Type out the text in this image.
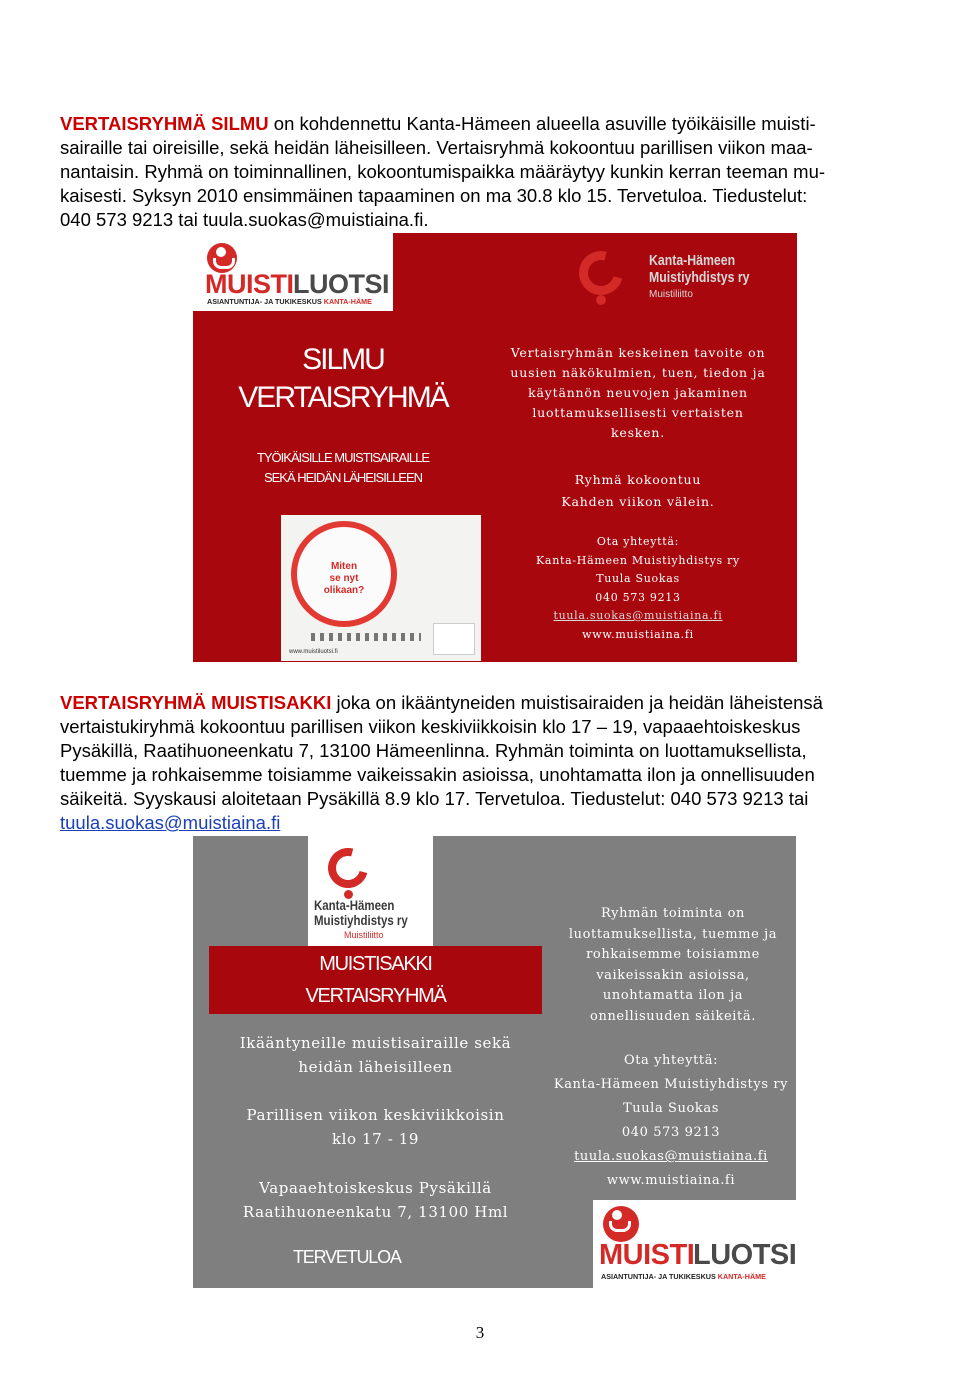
VERTAISRYHMÄ SILMU on kohdennettu Kanta-Hämeen alueella asuville työikäisille muisti-
sairaille tai oireisille, sekä heidän läheisilleen. Vertaisryhmä kokoontuu parillisen viikon maa-
nantaisin. Ryhmä on toiminnallinen, kokoontumispaikka määräytyy kunkin kerran teeman mu-
kaisesti. Syksyn 2010 ensimmäinen tapaaminen on ma 30.8 klo 15. Tervetuloa. Tiedustelut:
040 573 9213 tai tuula.suokas@muistiaina.fi.
MUISTI LUOTSI
ASIANTUNTIJA- JA TUKIKESKUS KANTA-HÄME
Kanta-Hämeen
Muistiyhdistys ry
Muistiliitto
SILMU
VERTAISRYHMÄ
TYÖIKÄISILLE MUISTISAIRAILLE
SEKÄ HEIDÄN LÄHEISILLEEN
Vertaisryhmän keskeinen tavoite on
uusien näkökulmien, tuen, tiedon ja
käytännön neuvojen jakaminen
luottamuksellisesti vertaisten
kesken.
Ryhmä kokoontuu
Kahden viikon välein.
Ota yhteyttä:
Kanta-Hämeen Muistiyhdistys ry
Tuula Suokas
040 573 9213
tuula.suokas@muistiaina.fi
www.muistiaina.fi
Miten
se nyt
olikaan?
www.muistiluotsi.fi
VERTAISRYHMÄ MUISTISAKKI joka on ikääntyneiden muistisairaiden ja heidän läheistensä
vertaistukiryhmä kokoontuu parillisen viikon keskiviikkoisin klo 17 – 19, vapaaehtoiskeskus
Pysäkillä, Raatihuoneenkatu 7, 13100 Hämeenlinna. Ryhmän toiminta on luottamuksellista,
tuemme ja rohkaisemme toisiamme vaikeissakin asioissa, unohtamatta ilon ja onnellisuuden
säikeitä. Syyskausi aloitetaan Pysäkillä 8.9 klo 17. Tervetuloa. Tiedustelut: 040 573 9213 tai
tuula.suokas@muistiaina.fi
Kanta-Hämeen
Muistiyhdistys ry
Muistiliitto
MUISTISAKKI
VERTAISRYHMÄ
Ikääntyneille muistisairaille sekä
heidän läheisilleen
Parillisen viikon keskiviikkoisin
klo 17 - 19
Vapaaehtoiskeskus Pysäkillä
Raatihuoneenkatu 7, 13100 Hml
TERVETULOA
Ryhmän toiminta on
luottamuksellista, tuemme ja
rohkaisemme toisiamme
vaikeissakin asioissa,
unohtamatta ilon ja
onnellisuuden säikeitä.
Ota yhteyttä:
Kanta-Hämeen Muistiyhdistys ry
Tuula Suokas
040 573 9213
tuula.suokas@muistiaina.fi
www.muistiaina.fi
MUISTI
LUOTSI
ASIANTUNTIJA- JA TUKIKESKUS KANTA-HÄME
3
